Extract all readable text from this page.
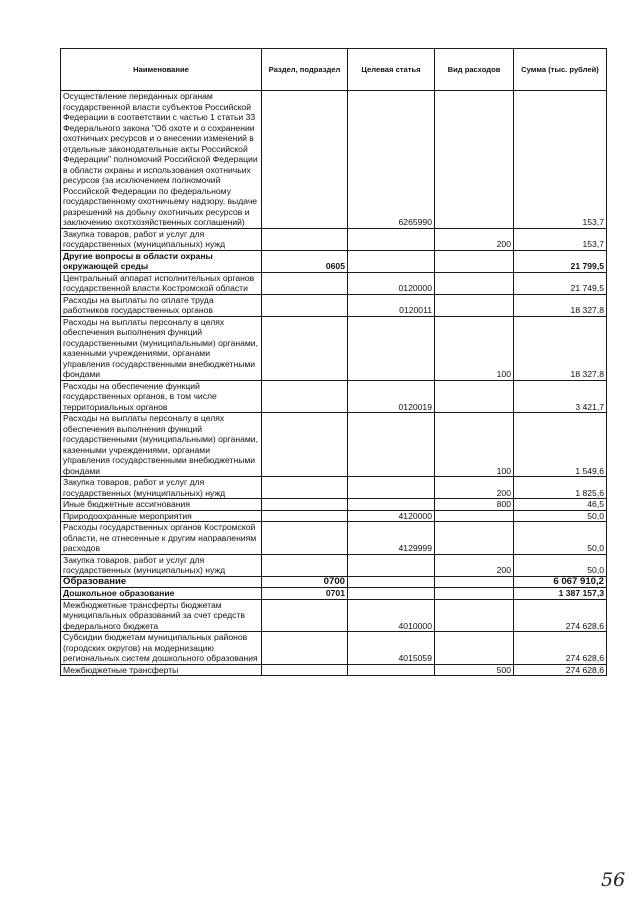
Наименование	Раздел, подраздел	Целевая статья	Вид расходов	Сумма (тыс. рублей)
Осуществление переданных органам государственной власти субъектов Российской Федерации в соответствии с частью 1 статьи 33 Федерального закона "Об охоте и о сохранении охотничьих ресурсов и о внесении изменений в отдельные законодательные акты Российской Федерации" полномочий Российской Федерации в области охраны и использования охотничьих ресурсов (за исключением полномочий Российской Федерации по федеральному государственному охотничьему надзору, выдаче разрешений на добычу охотничьих ресурсов и заключению охотхозяйственных соглашений)		6265990		153,7
Закупка товаров, работ и услуг для государственных (муниципальных) нужд			200	153,7
Другие вопросы в области охраны окружающей среды	0605			21 799,5
Центральный аппарат исполнительных органов государственной власти Костромской области		0120000		21 749,5
Расходы на выплаты по оплате труда работников государственных органов		0120011		18 327,8
Расходы на выплаты персоналу в целях обеспечения выполнения функций государственными (муниципальными) органами, казенными учреждениями, органами управления государственными внебюджетными фондами			100	18 327,8
Расходы на обеспечение функций государственных органов, в том числе территориальных органов		0120019		3 421,7
Расходы на выплаты персоналу в целях обеспечения выполнения функций государственными (муниципальными) органами, казенными учреждениями, органами управления государственными внебюджетными фондами			100	1 549,6
Закупка товаров, работ и услуг для государственных (муниципальных) нужд			200	1 825,6
Иные бюджетные ассигнования			800	46,5
Природоохранные мероприятия		4120000		50,0
Расходы государственных органов Костромской области, не отнесенные к другим направлениям расходов		4129999		50,0
Закупка товаров, работ и услуг для государственных (муниципальных) нужд			200	50,0
Образование	0700			6 067 910,2
Дошкольное образование	0701			1 387 157,3
Межбюджетные трансферты бюджетам муниципальных образований за счет средств федерального бюджета		4010000		274 628,6
Субсидии бюджетам муниципальных районов (городских округов) на модернизацию региональных систем дошкольного образования		4015059		274 628,6
Межбюджетные трансферты			500	274 628,6
56
